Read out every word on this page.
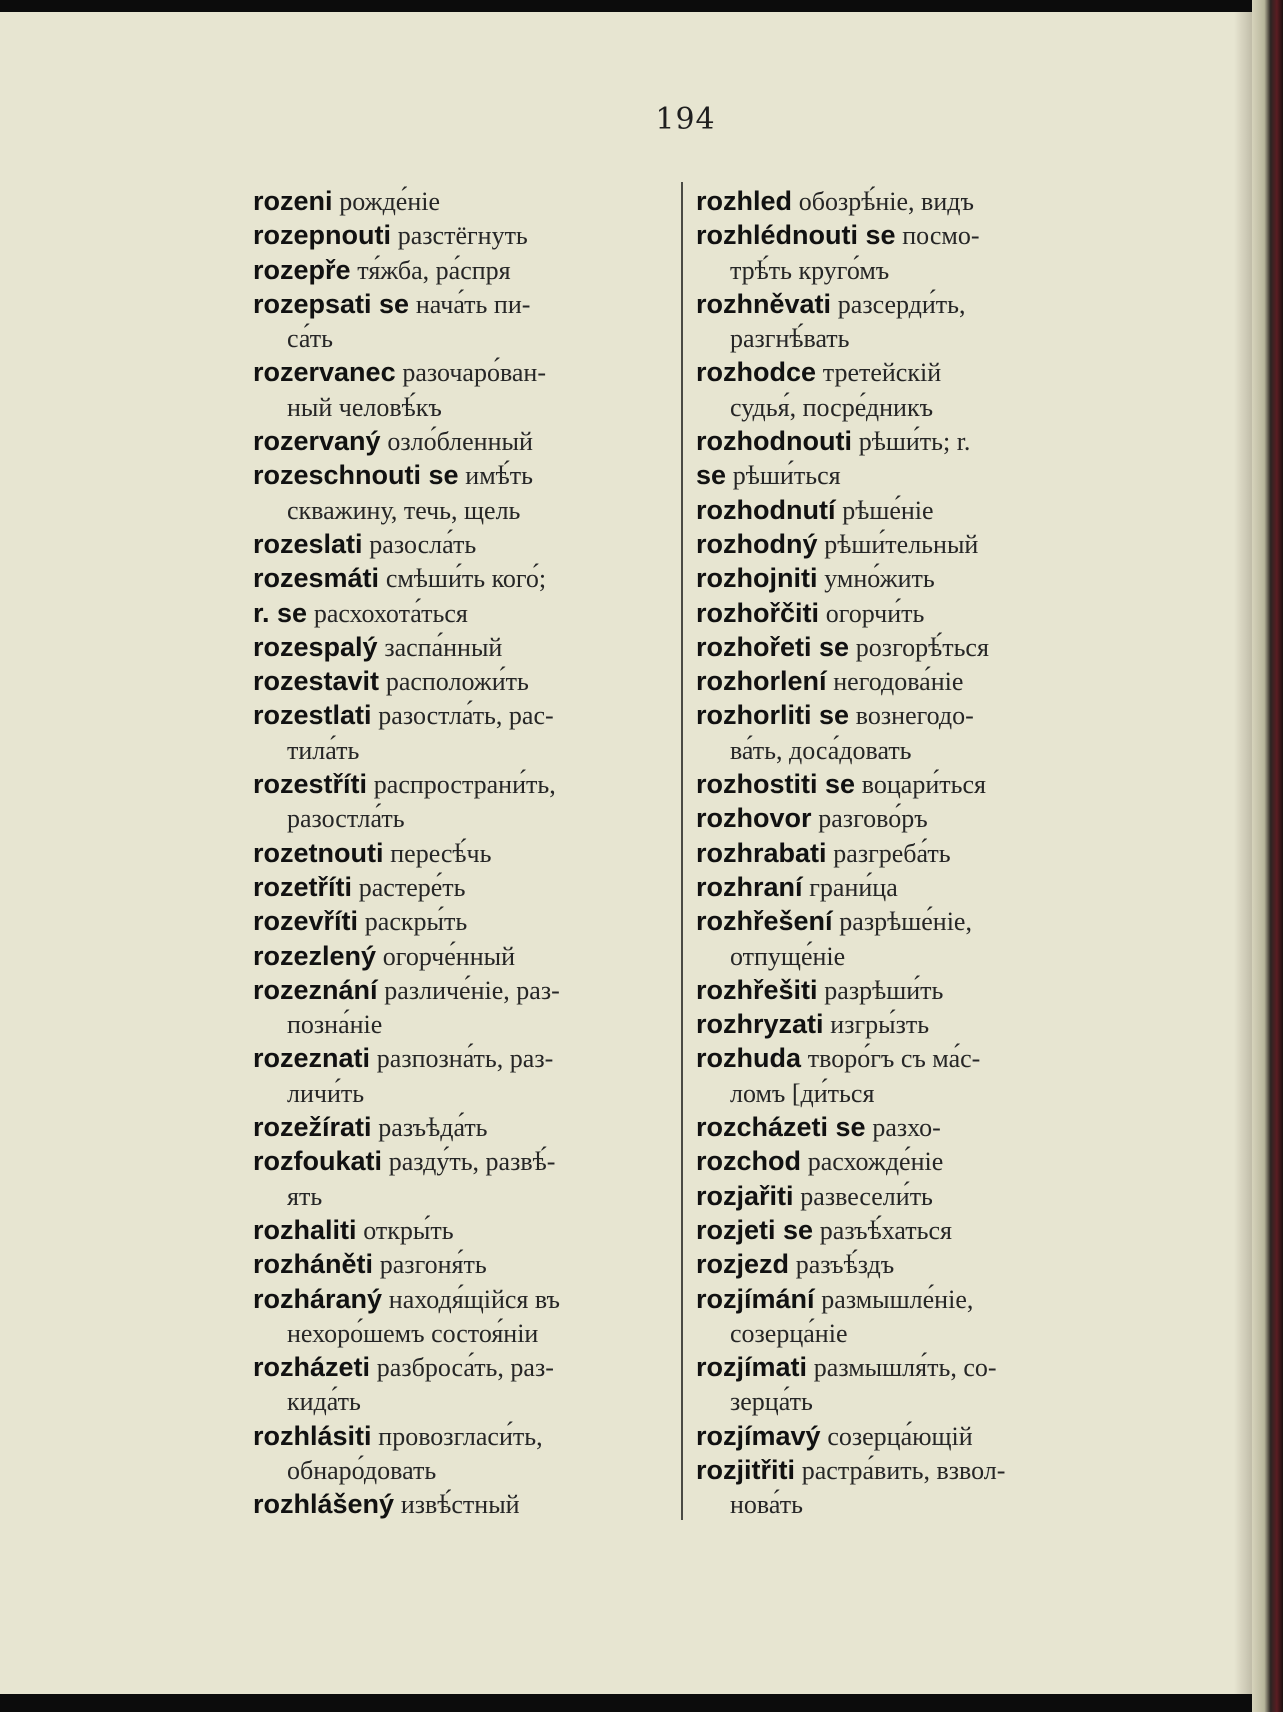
194
rozeni рожде́ніе
rozepnouti разстёгнуть
rozepře тя́жба, ра́спря
rozepsati se нача́ть пи-
са́ть
rozervanec разочаро́ван-
ный человѣ́къ
rozervaný озло́бленный
rozeschnouti se имѣ́ть
скважину, течь, щель
rozeslati разосла́ть
rozesmáti смѣши́ть кого́;
r. se расхохота́ться
rozespalý заспа́нный
rozestavit расположи́ть
rozestlati разостла́ть, рас-
тила́ть
rozestříti распространи́ть,
разостла́ть
rozetnouti пересѣ́чь
rozetříti растере́ть
rozevříti раскры́ть
rozezlený огорче́нный
rozeznání различе́ніе, раз-
позна́ніе
rozeznati разпозна́ть, раз-
личи́ть
rozežírati разъѣда́ть
rozfoukati разду́ть, развѣ́-
ять
rozhaliti откры́ть
rozháněti разгоня́ть
rozháraný находя́щійся въ
нехоро́шемъ состоя́ніи
rozházeti разброса́ть, раз-
кида́ть
rozhlásiti провозгласи́ть,
обнаро́довать
rozhlášený извѣ́стный
rozhled обозрѣ́ніе, видъ
rozhlédnouti se посмо-
трѣ́ть круго́мъ
rozhněvati разсерди́ть,
разгнѣ́вать
rozhodce третейскій
судья́, посре́дникъ
rozhodnouti рѣши́ть; r.
se рѣши́ться
rozhodnutí рѣше́ніе
rozhodný рѣши́тельный
rozhojniti умно́жить
rozhořčiti огорчи́ть
rozhořeti se розгорѣ́ться
rozhorlení негодова́ніе
rozhorliti se вознегодо-
ва́ть, доса́довать
rozhostiti se воцари́ться
rozhovor разгово́ръ
rozhrabati разгреба́ть
rozhraní грани́ца
rozhřešení разрѣше́ніе,
отпуще́ніе
rozhřešiti разрѣши́ть
rozhryzati изгры́зть
rozhuda творо́гъ съ ма́с-
ломъ [ди́ться
rozcházeti se разхо-
rozchod расхожде́ніе
rozjařiti развесели́ть
rozjeti se разъѣ́хаться
rozjezd разъѣ́здъ
rozjímání размышле́ніе,
созерца́ніе
rozjímati размышля́ть, со-
зерца́ть
rozjímavý созерца́ющій
rozjitřiti растра́вить, взвол-
нова́ть
